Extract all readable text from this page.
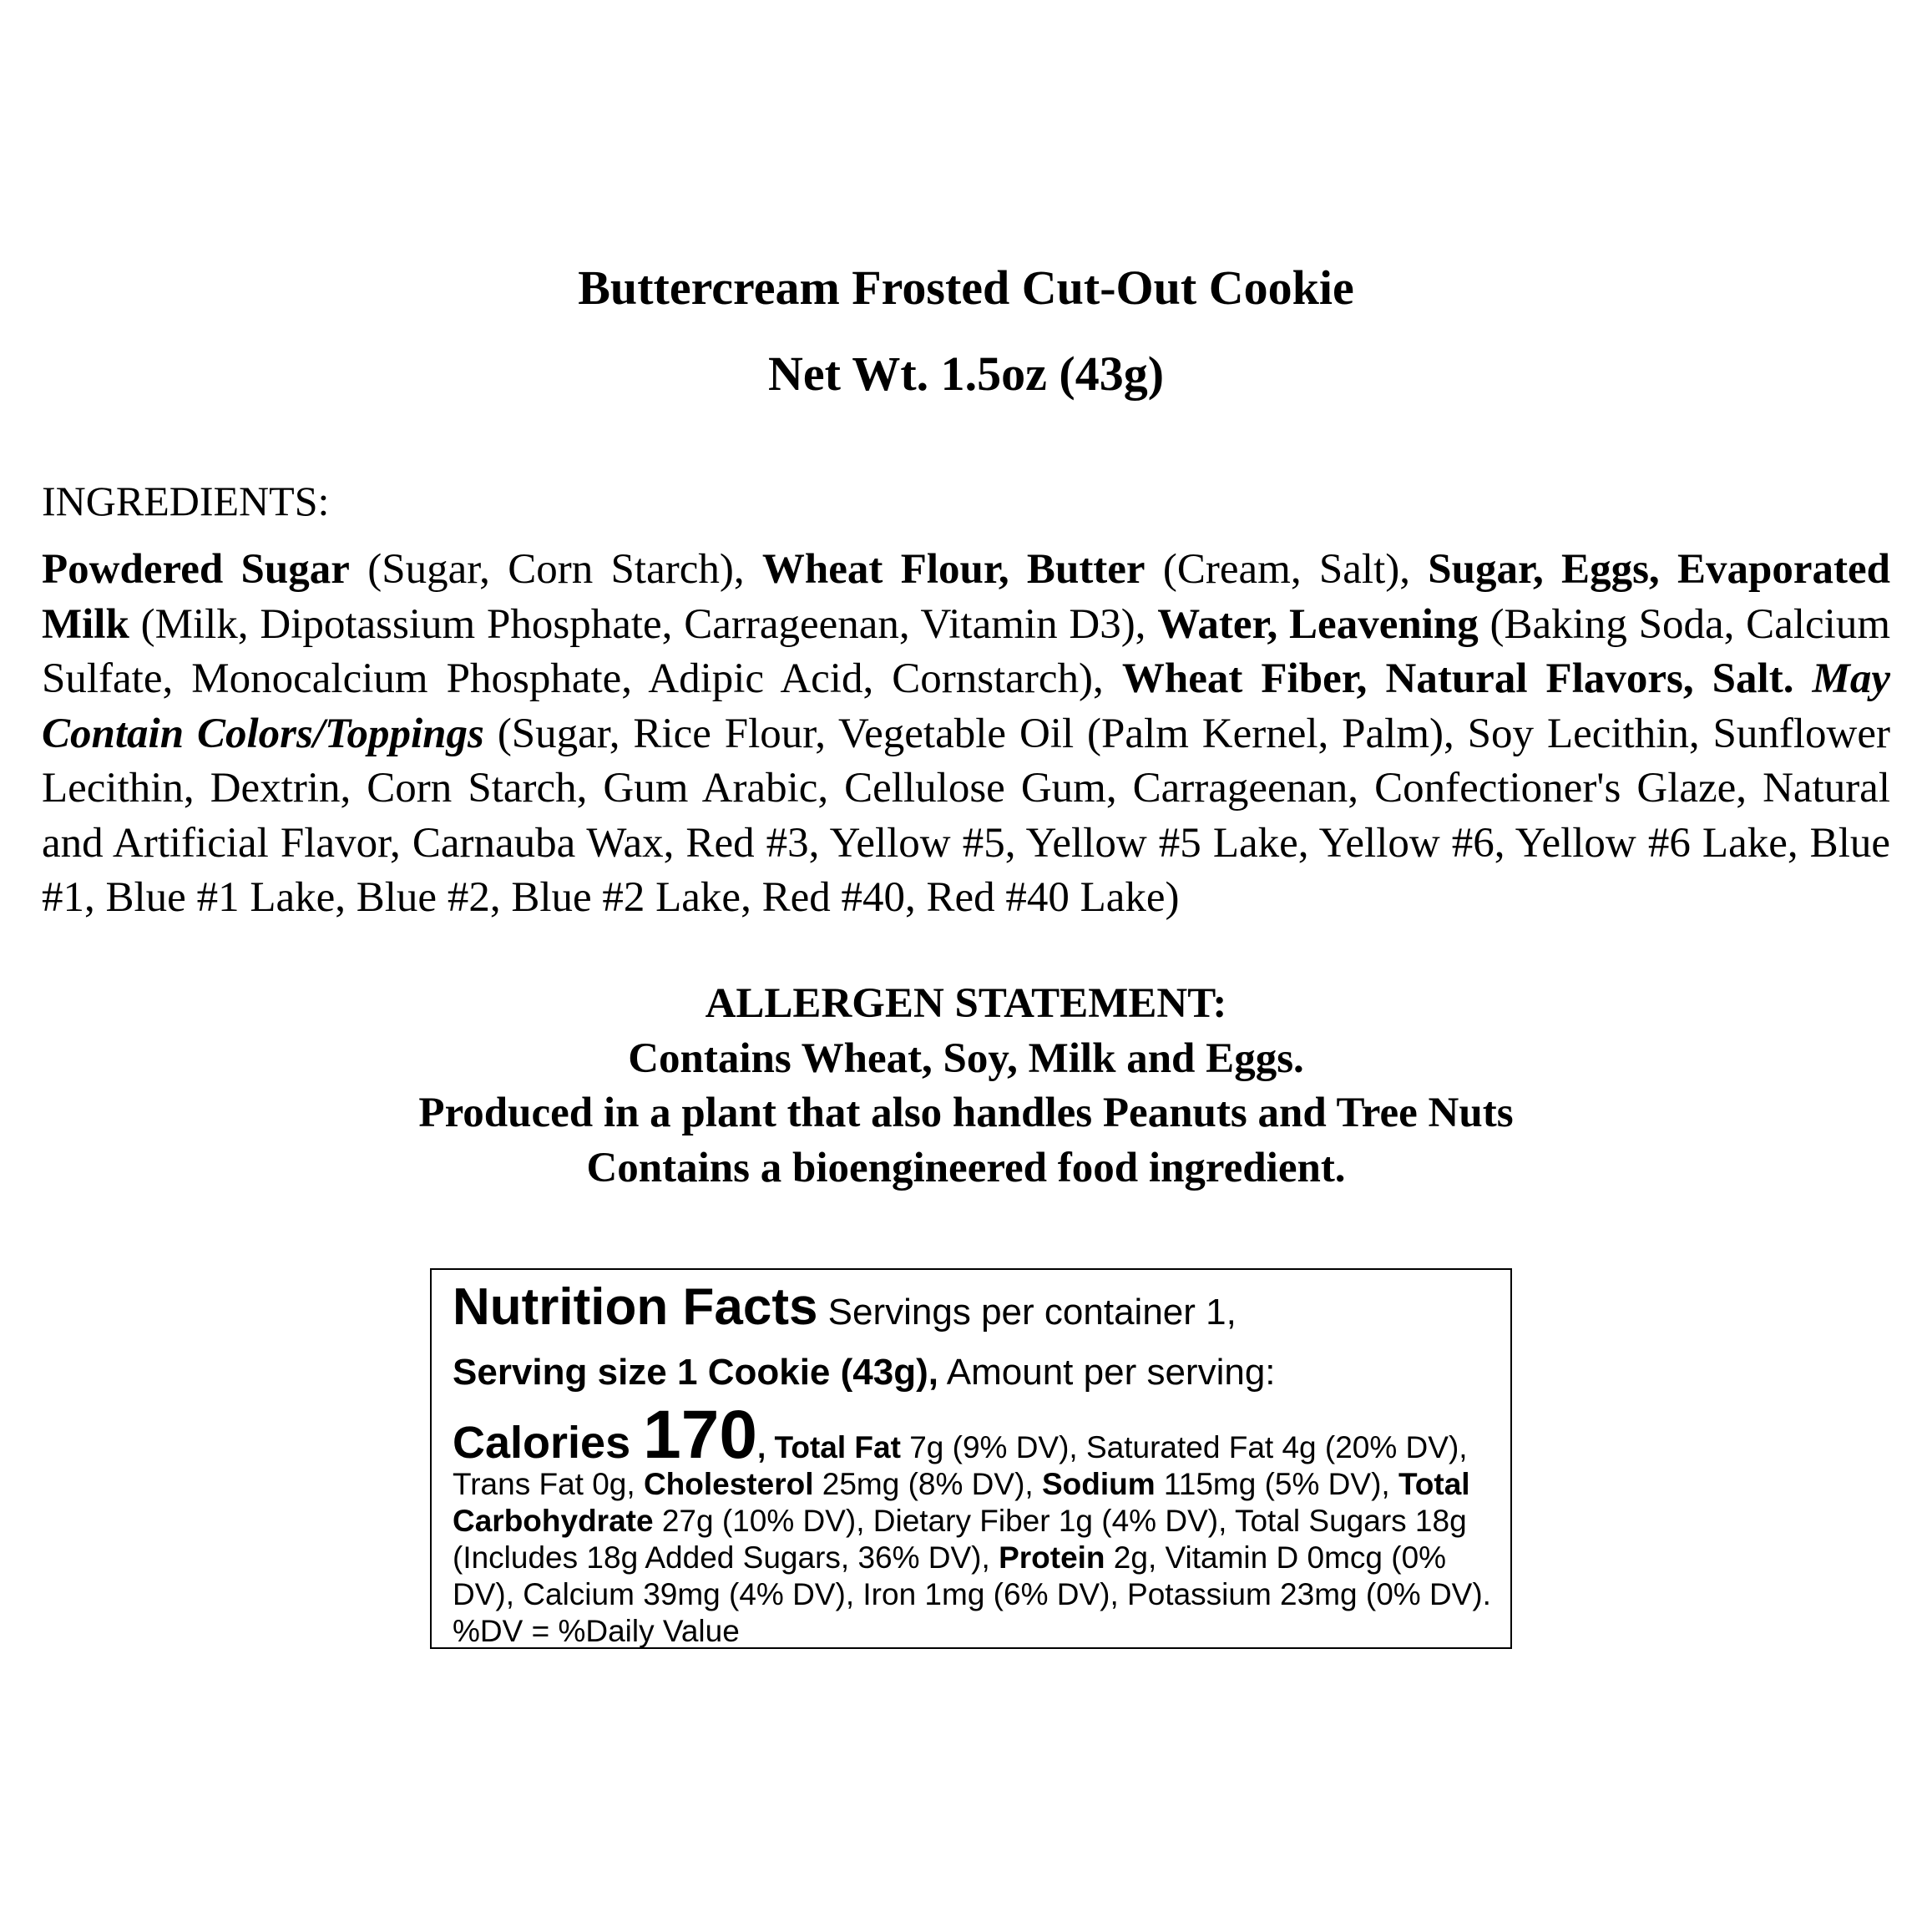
Buttercream Frosted Cut-Out Cookie
Net Wt. 1.5oz (43g)
INGREDIENTS:

Powdered Sugar (Sugar, Corn Starch), Wheat Flour, Butter (Cream, Salt), Sugar, Eggs, Evaporated Milk (Milk, Dipotassium Phosphate, Carrageenan, Vitamin D3), Water, Leavening (Baking Soda, Calcium Sulfate, Monocalcium Phosphate, Adipic Acid, Cornstarch), Wheat Fiber, Natural Flavors, Salt. May Contain Colors/Toppings (Sugar, Rice Flour, Vegetable Oil (Palm Kernel, Palm), Soy Lecithin, Sunflower Lecithin, Dextrin, Corn Starch, Gum Arabic, Cellulose Gum, Carrageenan, Confectioner's Glaze, Natural and Artificial Flavor, Carnauba Wax, Red #3, Yellow #5, Yellow #5 Lake, Yellow #6, Yellow #6 Lake, Blue #1, Blue #1 Lake, Blue #2, Blue #2 Lake, Red #40, Red #40 Lake)

ALLERGEN STATEMENT:
Contains Wheat, Soy, Milk and Eggs.
Produced in a plant that also handles Peanuts and Tree Nuts
Contains a bioengineered food ingredient.
Nutrition Facts Servings per container 1,
Serving size 1 Cookie (43g), Amount per serving:
Calories 170, Total Fat 7g (9% DV), Saturated Fat 4g (20% DV), Trans Fat 0g, Cholesterol 25mg (8% DV), Sodium 115mg (5% DV), Total Carbohydrate 27g (10% DV), Dietary Fiber 1g (4% DV), Total Sugars 18g (Includes 18g Added Sugars, 36% DV), Protein 2g, Vitamin D 0mcg (0% DV), Calcium 39mg (4% DV), Iron 1mg (6% DV), Potassium 23mg (0% DV). %DV = %Daily Value
